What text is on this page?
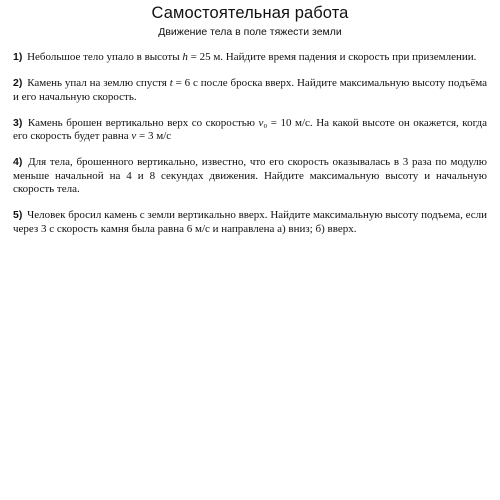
Самостоятельная работа
Движение тела в поле тяжести земли

1) Небольшое тело упало в высоты h = 25 м. Найдите время падения и скорость при приземлении.

2) Камень упал на землю спустя t = 6 с после броска вверх. Найдите максимальную высоту подъёма и его начальную скорость.

3) Камень брошен вертикально верх со скоростью v₀ = 10 м/с. На какой высоте он окажется, когда его скорость будет равна v = 3 м/с

4) Для тела, брошенного вертикально, известно, что его скорость оказывалась в 3 раза по модулю меньше начальной на 4 и 8 секундах движения. Найдите максимальную высоту и начальную скорость тела.

5) Человек бросил камень с земли вертикально вверх. Найдите максимальную высоту подъема, если через 3 с скорость камня была равна 6 м/с и направлена а) вниз; б) вверх.
